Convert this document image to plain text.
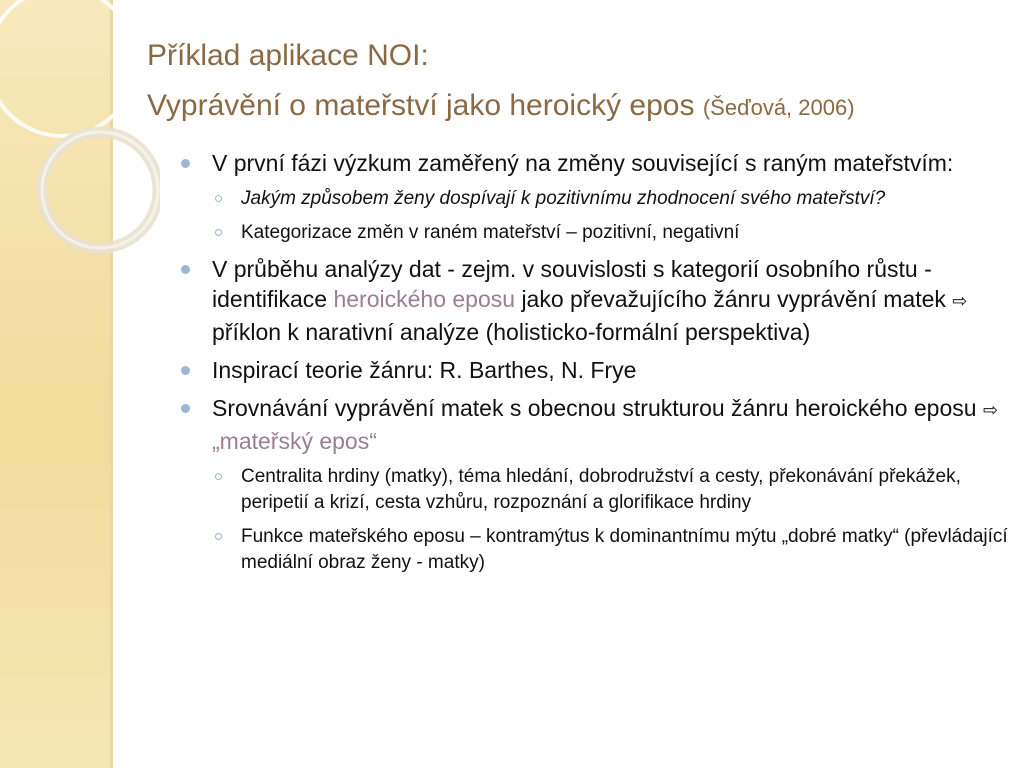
Příklad aplikace NOI:
Vyprávění o mateřství jako heroický epos (Šeďová, 2006)
V první fázi výzkum zaměřený na změny související s raným mateřstvím:
Jakým způsobem ženy dospívají k pozitivnímu zhodnocení svého mateřství?
Kategorizace změn v raném mateřství – pozitivní, negativní
V průběhu analýzy dat - zejm. v souvislosti s kategorií osobního růstu - identifikace heroického eposu jako převažujícího žánru vyprávění matek ⇨ příklon k narativní analýze (holisticko-formální perspektiva)
Inspirací teorie žánru: R. Barthes, N. Frye
Srovnávání vyprávění matek s obecnou strukturou žánru heroického eposu ⇨ „mateřský epos“
Centralita hrdiny (matky), téma hledání, dobrodružství a cesty, překonávání překážek, peripetií a krizí, cesta vzhůru, rozpoznání a glorifikace hrdiny
Funkce mateřského eposu – kontramýtus k dominantnímu mýtu „dobré matky“ (převládající mediální obraz ženy - matky)
